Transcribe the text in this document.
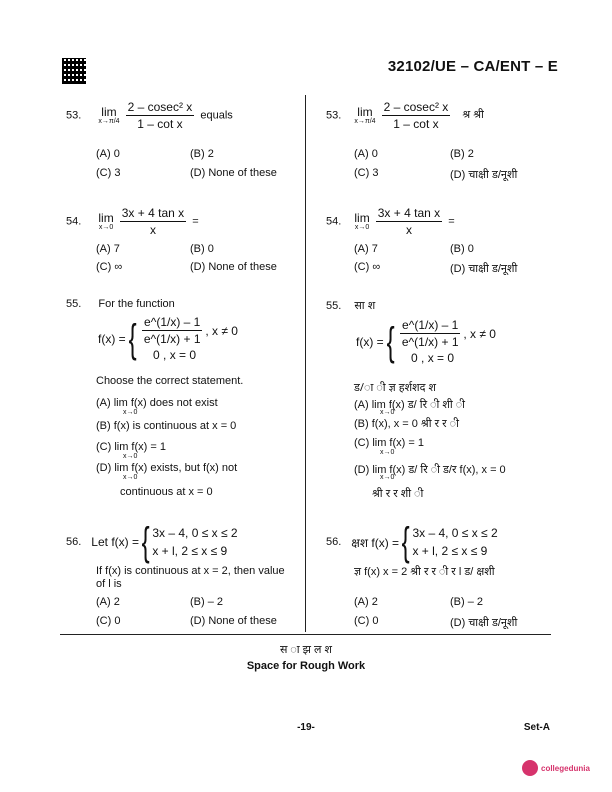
32102/UE – CA/ENT – E
53. lim
x→π/4
$\frac{\text{2 – cosec² x}}{\text{1 – cot x}}$ equals
(A) 0	(B) 2
(C) 3	(D) None of these
53. lim
x→π/4
$\frac{\text{2 – cosec² x}}{\text{1 – cot x}}$ श्र श्री
(A) 0	(B) 2
(C) 3	(D) चाक्षी ड/नूशी
54. lim
x→0
$\frac{\text{3x + 4 tan x}}{x}$ =
(A) 7	(B) 0
(C) ∞	(D) None of these
54. lim
x→0
$\frac{\text{3x + 4 tan x}}{x}$ =
(A) 7	(B) 0
(C) ∞	(D) चाक्षी ड/नूशी
55. For the function
f(x) = { $\frac{e\^{}(1/x) - 1}{e\^{}(1/x) + 1}$ , x ≠ 0
0 , x = 0
Choose the correct statement.
(A) lim f(x) does not exist
x→0
(B) f(x) is continuous at x = 0
(C) lim f(x) = 1
x→0
(D) lim f(x) exists, but f(x) not
x→0
continuous at x = 0
55. सा श
f(x) = { $\frac{e\^{}(1/x) - 1}{e\^{}(1/x) + 1}$ , x ≠ 0
0 , x = 0
ड/ा ी ज्ञ हर्शशद श
(A) lim f(x) ड/ रि ी शी ी
x→0
(B) f(x), x = 0 श्री र र ी
(C) lim f(x) = 1
x→0
(D) lim f(x) ड/ रि ी ड/र f(x), x = 0
x→0
श्री र र शी ी
56. Let f(x) = { 3x – 4, 0 ≤ x ≤ 2
x + l, 2 ≤ x ≤ 9
If f(x) is continuous at x = 2, then value
of l is
(A) 2	(B) – 2
(C) 0	(D) None of these
56. क्षश f(x) = { 3x – 4, 0 ≤ x ≤ 2
x + l, 2 ≤ x ≤ 9
ज्ञ f(x) x = 2 श्री र र ी र l ड/ क्षशी
(A) 2	(B) – 2
(C) 0	(D) चाक्षी ड/नूशी
स ा झ ल श
Space for Rough Work
-19-	Set-A
collegedunia
